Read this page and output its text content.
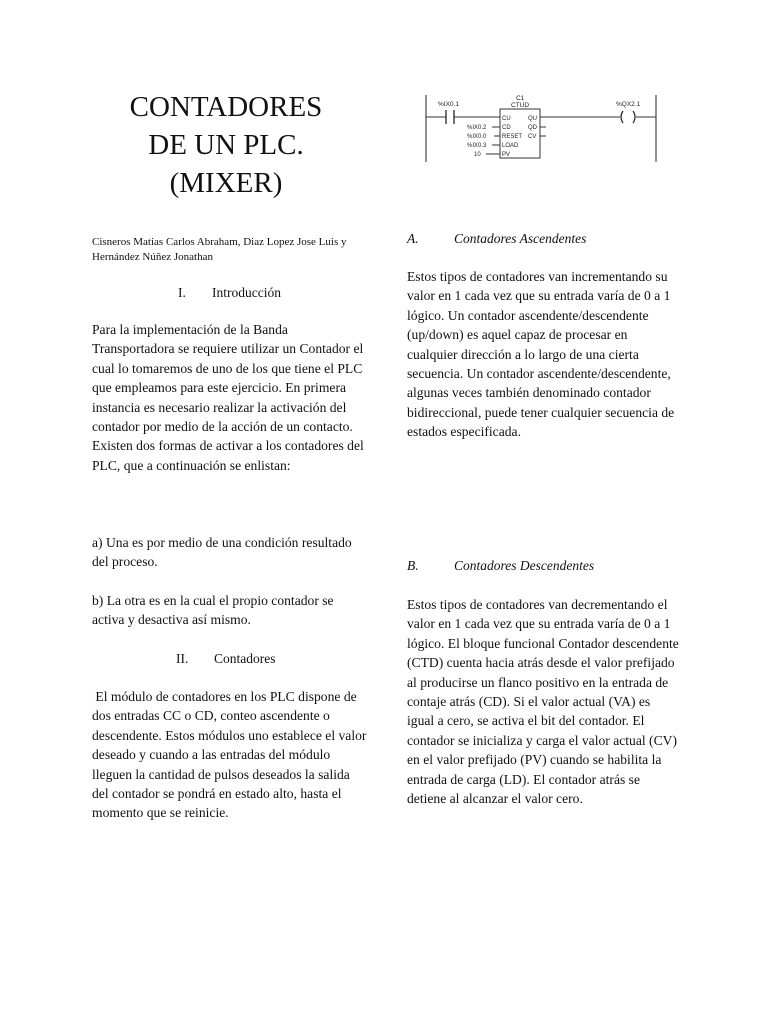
CONTADORES
DE UN PLC.
(MIXER)
Cisneros Matias Carlos Abraham, Diaz Lopez Jose Luis y Hernández Núñez Jonathan
I. Introducción

Para la implementación de la Banda Transportadora se requiere utilizar un Contador el cual lo tomaremos de uno de los que tiene el PLC que empleamos para este ejercicio. En primera instancia es necesario realizar la activación del contador por medio de la acción de un contacto. Existen dos formas de activar a los contadores del PLC, que a continuación se enlistan:

a) Una es por medio de una condición resultado del proceso.

b) La otra es en la cual el propio contador se activa y desactiva así mismo.

II. Contadores

El módulo de contadores en los PLC dispone de dos entradas CC o CD, conteo ascendente o descendente. Estos módulos uno establece el valor deseado y cuando a las entradas del módulo lleguen la cantidad de pulsos deseados la salida del contador se pondrá en estado alto, hasta el momento que se reinicie.

%IX0.1	%QX2.1
C1
CTUD
CU
CD
RESET
LOAD
PV
QU
QD
CV
%IX0.2
%IX0.0
%IX0.3
10
A.	Contadores Ascendentes

Estos tipos de contadores van incrementando su valor en 1 cada vez que su entrada varía de 0 a 1 lógico. Un contador ascendente/descendente (up/down) es aquel capaz de procesar en cualquier dirección a lo largo de una cierta secuencia. Un contador ascendente/descendente, algunas veces también denominado contador bidireccional, puede tener cualquier secuencia de estados especificada.

B.	Contadores Descendentes

Estos tipos de contadores van decrementando el valor en 1 cada vez que su entrada varía de 0 a 1 lógico. El bloque funcional Contador descendente (CTD) cuenta hacia atrás desde el valor prefijado al producirse un flanco positivo en la entrada de contaje atrás (CD). Si el valor actual (VA) es igual a cero, se activa el bit del contador. El contador se inicializa y carga el valor actual (CV) en el valor prefijado (PV) cuando se habilita la entrada de carga (LD). El contador atrás se detiene al alcanzar el valor cero.
